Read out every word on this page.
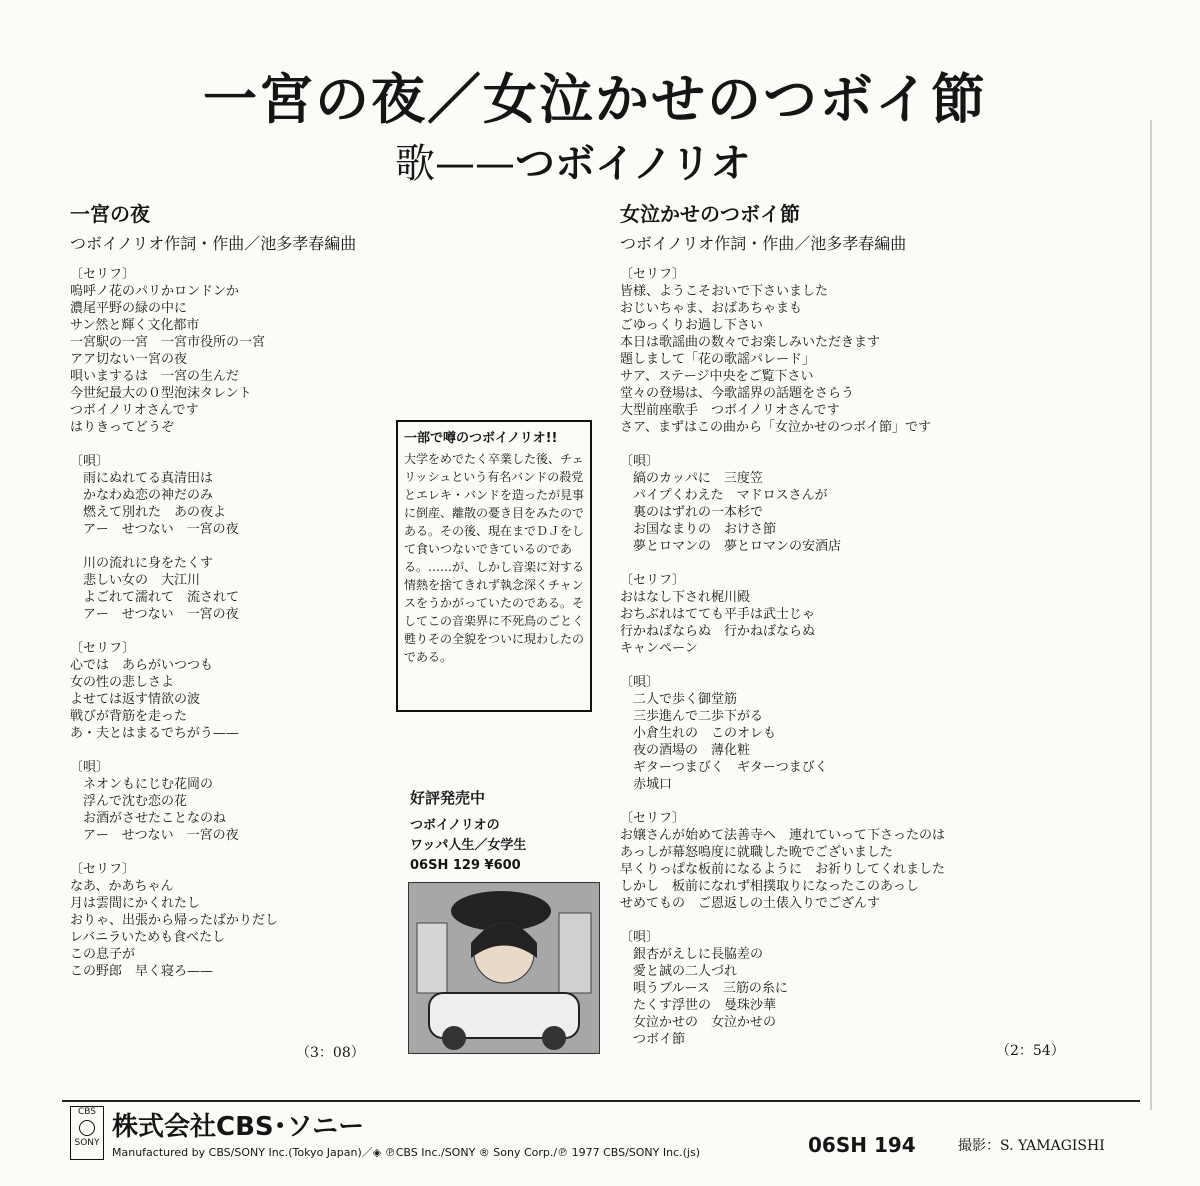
一宮の夜／女泣かせのつボイ節
歌——つボイノリオ
一宮の夜
つボイノリオ作詞・作曲／池多孝春編曲
〔セリフ〕
嗚呼ノ花のパリかロンドンか
濃尾平野の緑の中に
サン然と輝く文化都市
一宮駅の一宮　一宮市役所の一宮
アア切ない一宮の夜
唄いまするは　一宮の生んだ
今世紀最大の０型泡沫タレント
つボイノリオさんです
はりきってどうぞ

〔唄〕
　雨にぬれてる真清田は
　かなわぬ恋の神だのみ
　燃えて別れた　あの夜よ
　アー　せつない　一宮の夜

　川の流れに身をたくす
　悲しい女の　大江川
　よごれて濡れて　流されて
　アー　せつない　一宮の夜

〔セリフ〕
心では　あらがいつつも
女の性の悲しさよ
よせては返す情欲の波
戦びが背筋を走った
あ・夫とはまるでちがう——

〔唄〕
　ネオンもにじむ花岡の
　浮んで沈む恋の花
　お酒がさせたことなのね
　アー　せつない　一宮の夜

〔セリフ〕
なあ、かあちゃん
月は雲間にかくれたし
おりゃ、出張から帰ったばかりだし
レバニラいためも食べたし
この息子が
この野郎　早く寝ろ——
（3：08）
一部で噂のつボイノリオ!!
大学をめでたく卒業した後、チェリッシュという有名バンドの殺党とエレキ・バンドを造ったが見事に倒産、離散の憂き目をみたのである。その後、現在までＤＪをして食いつないできているのである。……が、しかし音楽に対する情熱を捨てきれず執念深くチャンスをうかがっていたのである。そしてこの音楽界に不死鳥のごとく甦りその全貌をついに現わしたのである。
好評発売中
つボイノリオの
ワッパ人生／女学生
06SH 129 ¥600
女泣かせのつボイ節
つボイノリオ作詞・作曲／池多孝春編曲
〔セリフ〕
皆様、ようこそおいで下さいました
おじいちゃま、おばあちゃまも
ごゆっくりお過し下さい
本日は歌謡曲の数々でお楽しみいただきます
題しまして「花の歌謡パレード」
サア、ステージ中央をご覧下さい
堂々の登場は、今歌謡界の話題をさらう
大型前座歌手　つボイノリオさんです
さア、まずはこの曲から「女泣かせのつボイ節」です

〔唄〕
　縞のカッパに　三度笠
　パイプくわえた　マドロスさんが
　裏のはずれの一本杉で
　お国なまりの　おけさ節
　夢とロマンの　夢とロマンの安酒店

〔セリフ〕
おはなし下され梶川殿
おちぶれはてても平手は武士じゃ
行かねばならぬ　行かねばならぬ
キャンペーン

〔唄〕
　二人で歩く御堂筋
　三歩進んで二歩下がる
　小倉生れの　このオレも
　夜の酒場の　薄化粧
　ギターつまびく　ギターつまびく
　赤城口

〔セリフ〕
お嬢さんが始めて法善寺へ　連れていって下さったのは
あっしが幕怒鳴度に就職した晩でございました
早くりっぱな板前になるように　お祈りしてくれました
しかし　板前になれず相撲取りになったこのあっし
せめてもの　ご恩返しの土俵入りでござんす

〔唄〕
　銀杏がえしに長脇差の
　愛と誠の二人づれ
　唄うブルース　三筋の糸に
　たくす浮世の　曼珠沙華
　女泣かせの　女泣かせの
　つボイ節
（2：54）
CBS
SONY
株式会社CBS･ソニー
Manufactured by CBS/SONY Inc.(Tokyo Japan)／◈ ℗CBS Inc./SONY ® Sony Corp./℗ 1977 CBS/SONY Inc.(js)	06SH 194	撮影：S. YAMAGISHI
